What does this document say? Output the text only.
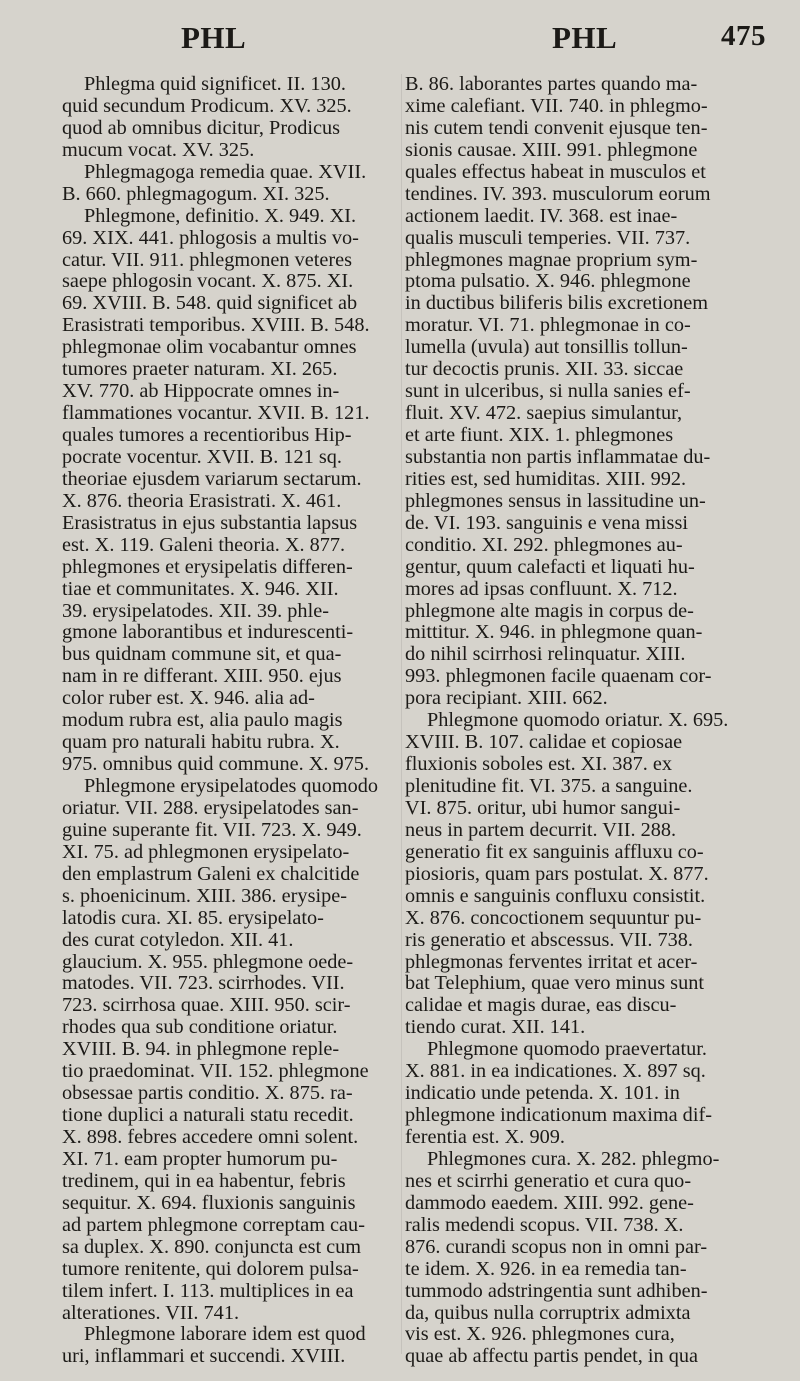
PHL	PHL	475
Phlegma quid significet. II. 130.
quid secundum Prodicum. XV. 325.
quod ab omnibus dicitur, Prodicus
mucum vocat. XV. 325.
Phlegmagoga remedia quae. XVII.
B. 660. phlegmagogum. XI. 325.
Phlegmone, definitio. X. 949. XI.
69. XIX. 441. phlogosis a multis vo-
catur. VII. 911. phlegmonen veteres
saepe phlogosin vocant. X. 875. XI.
69. XVIII. B. 548. quid significet ab
Erasistrati temporibus. XVIII. B. 548.
phlegmonae olim vocabantur omnes
tumores praeter naturam. XI. 265.
XV. 770. ab Hippocrate omnes in-
flammationes vocantur. XVII. B. 121.
quales tumores a recentioribus Hip-
pocrate vocentur. XVII. B. 121 sq.
theoriae ejusdem variarum sectarum.
X. 876. theoria Erasistrati. X. 461.
Erasistratus in ejus substantia lapsus
est. X. 119. Galeni theoria. X. 877.
phlegmones et erysipelatis differen-
tiae et communitates. X. 946. XII.
39. erysipelatodes. XII. 39. phle-
gmone laborantibus et indurescenti-
bus quidnam commune sit, et qua-
nam in re differant. XIII. 950. ejus
color ruber est. X. 946. alia ad-
modum rubra est, alia paulo magis
quam pro naturali habitu rubra. X.
975. omnibus quid commune. X. 975.
Phlegmone erysipelatodes quomodo
oriatur. VII. 288. erysipelatodes san-
guine superante fit. VII. 723. X. 949.
XI. 75. ad phlegmonen erysipelato-
den emplastrum Galeni ex chalcitide
s. phoenicinum. XIII. 386. erysipe-
latodis cura. XI. 85. erysipelato-
des curat cotyledon. XII. 41.
glaucium. X. 955. phlegmone oede-
matodes. VII. 723. scirrhodes. VII.
723. scirrhosa quae. XIII. 950. scir-
rhodes qua sub conditione oriatur.
XVIII. B. 94. in phlegmone reple-
tio praedominat. VII. 152. phlegmone
obsessae partis conditio. X. 875. ra-
tione duplici a naturali statu recedit.
X. 898. febres accedere omni solent.
XI. 71. eam propter humorum pu-
tredinem, qui in ea habentur, febris
sequitur. X. 694. fluxionis sanguinis
ad partem phlegmone correptam cau-
sa duplex. X. 890. conjuncta est cum
tumore renitente, qui dolorem pulsa-
tilem infert. I. 113. multiplices in ea
alterationes. VII. 741.
Phlegmone laborare idem est quod
uri, inflammari et succendi. XVIII.
B. 86. laborantes partes quando ma-
xime calefiant. VII. 740. in phlegmo-
nis cutem tendi convenit ejusque ten-
sionis causae. XIII. 991. phlegmone
quales effectus habeat in musculos et
tendines. IV. 393. musculorum eorum
actionem laedit. IV. 368. est inae-
qualis musculi temperies. VII. 737.
phlegmones magnae proprium sym-
ptoma pulsatio. X. 946. phlegmone
in ductibus biliferis bilis excretionem
moratur. VI. 71. phlegmonae in co-
lumella (uvula) aut tonsillis tollun-
tur decoctis prunis. XII. 33. siccae
sunt in ulceribus, si nulla sanies ef-
fluit. XV. 472. saepius simulantur,
et arte fiunt. XIX. 1. phlegmones
substantia non partis inflammatae du-
rities est, sed humiditas. XIII. 992.
phlegmones sensus in lassitudine un-
de. VI. 193. sanguinis e vena missi
conditio. XI. 292. phlegmones au-
gentur, quum calefacti et liquati hu-
mores ad ipsas confluunt. X. 712.
phlegmone alte magis in corpus de-
mittitur. X. 946. in phlegmone quan-
do nihil scirrhosi relinquatur. XIII.
993. phlegmonen facile quaenam cor-
pora recipiant. XIII. 662.
Phlegmone quomodo oriatur. X. 695.
XVIII. B. 107. calidae et copiosae
fluxionis soboles est. XI. 387. ex
plenitudine fit. VI. 375. a sanguine.
VI. 875. oritur, ubi humor sangui-
neus in partem decurrit. VII. 288.
generatio fit ex sanguinis affluxu co-
piosioris, quam pars postulat. X. 877.
omnis e sanguinis confluxu consistit.
X. 876. concoctionem sequuntur pu-
ris generatio et abscessus. VII. 738.
phlegmonas ferventes irritat et acer-
bat Telephium, quae vero minus sunt
calidae et magis durae, eas discu-
tiendo curat. XII. 141.
Phlegmone quomodo praevertatur.
X. 881. in ea indicationes. X. 897 sq.
indicatio unde petenda. X. 101. in
phlegmone indicationum maxima dif-
ferentia est. X. 909.
Phlegmones cura. X. 282. phlegmo-
nes et scirrhi generatio et cura quo-
dammodo eaedem. XIII. 992. gene-
ralis medendi scopus. VII. 738. X.
876. curandi scopus non in omni par-
te idem. X. 926. in ea remedia tan-
tummodo adstringentia sunt adhiben-
da, quibus nulla corruptrix admixta
vis est. X. 926. phlegmones cura,
quae ab affectu partis pendet, in qua
